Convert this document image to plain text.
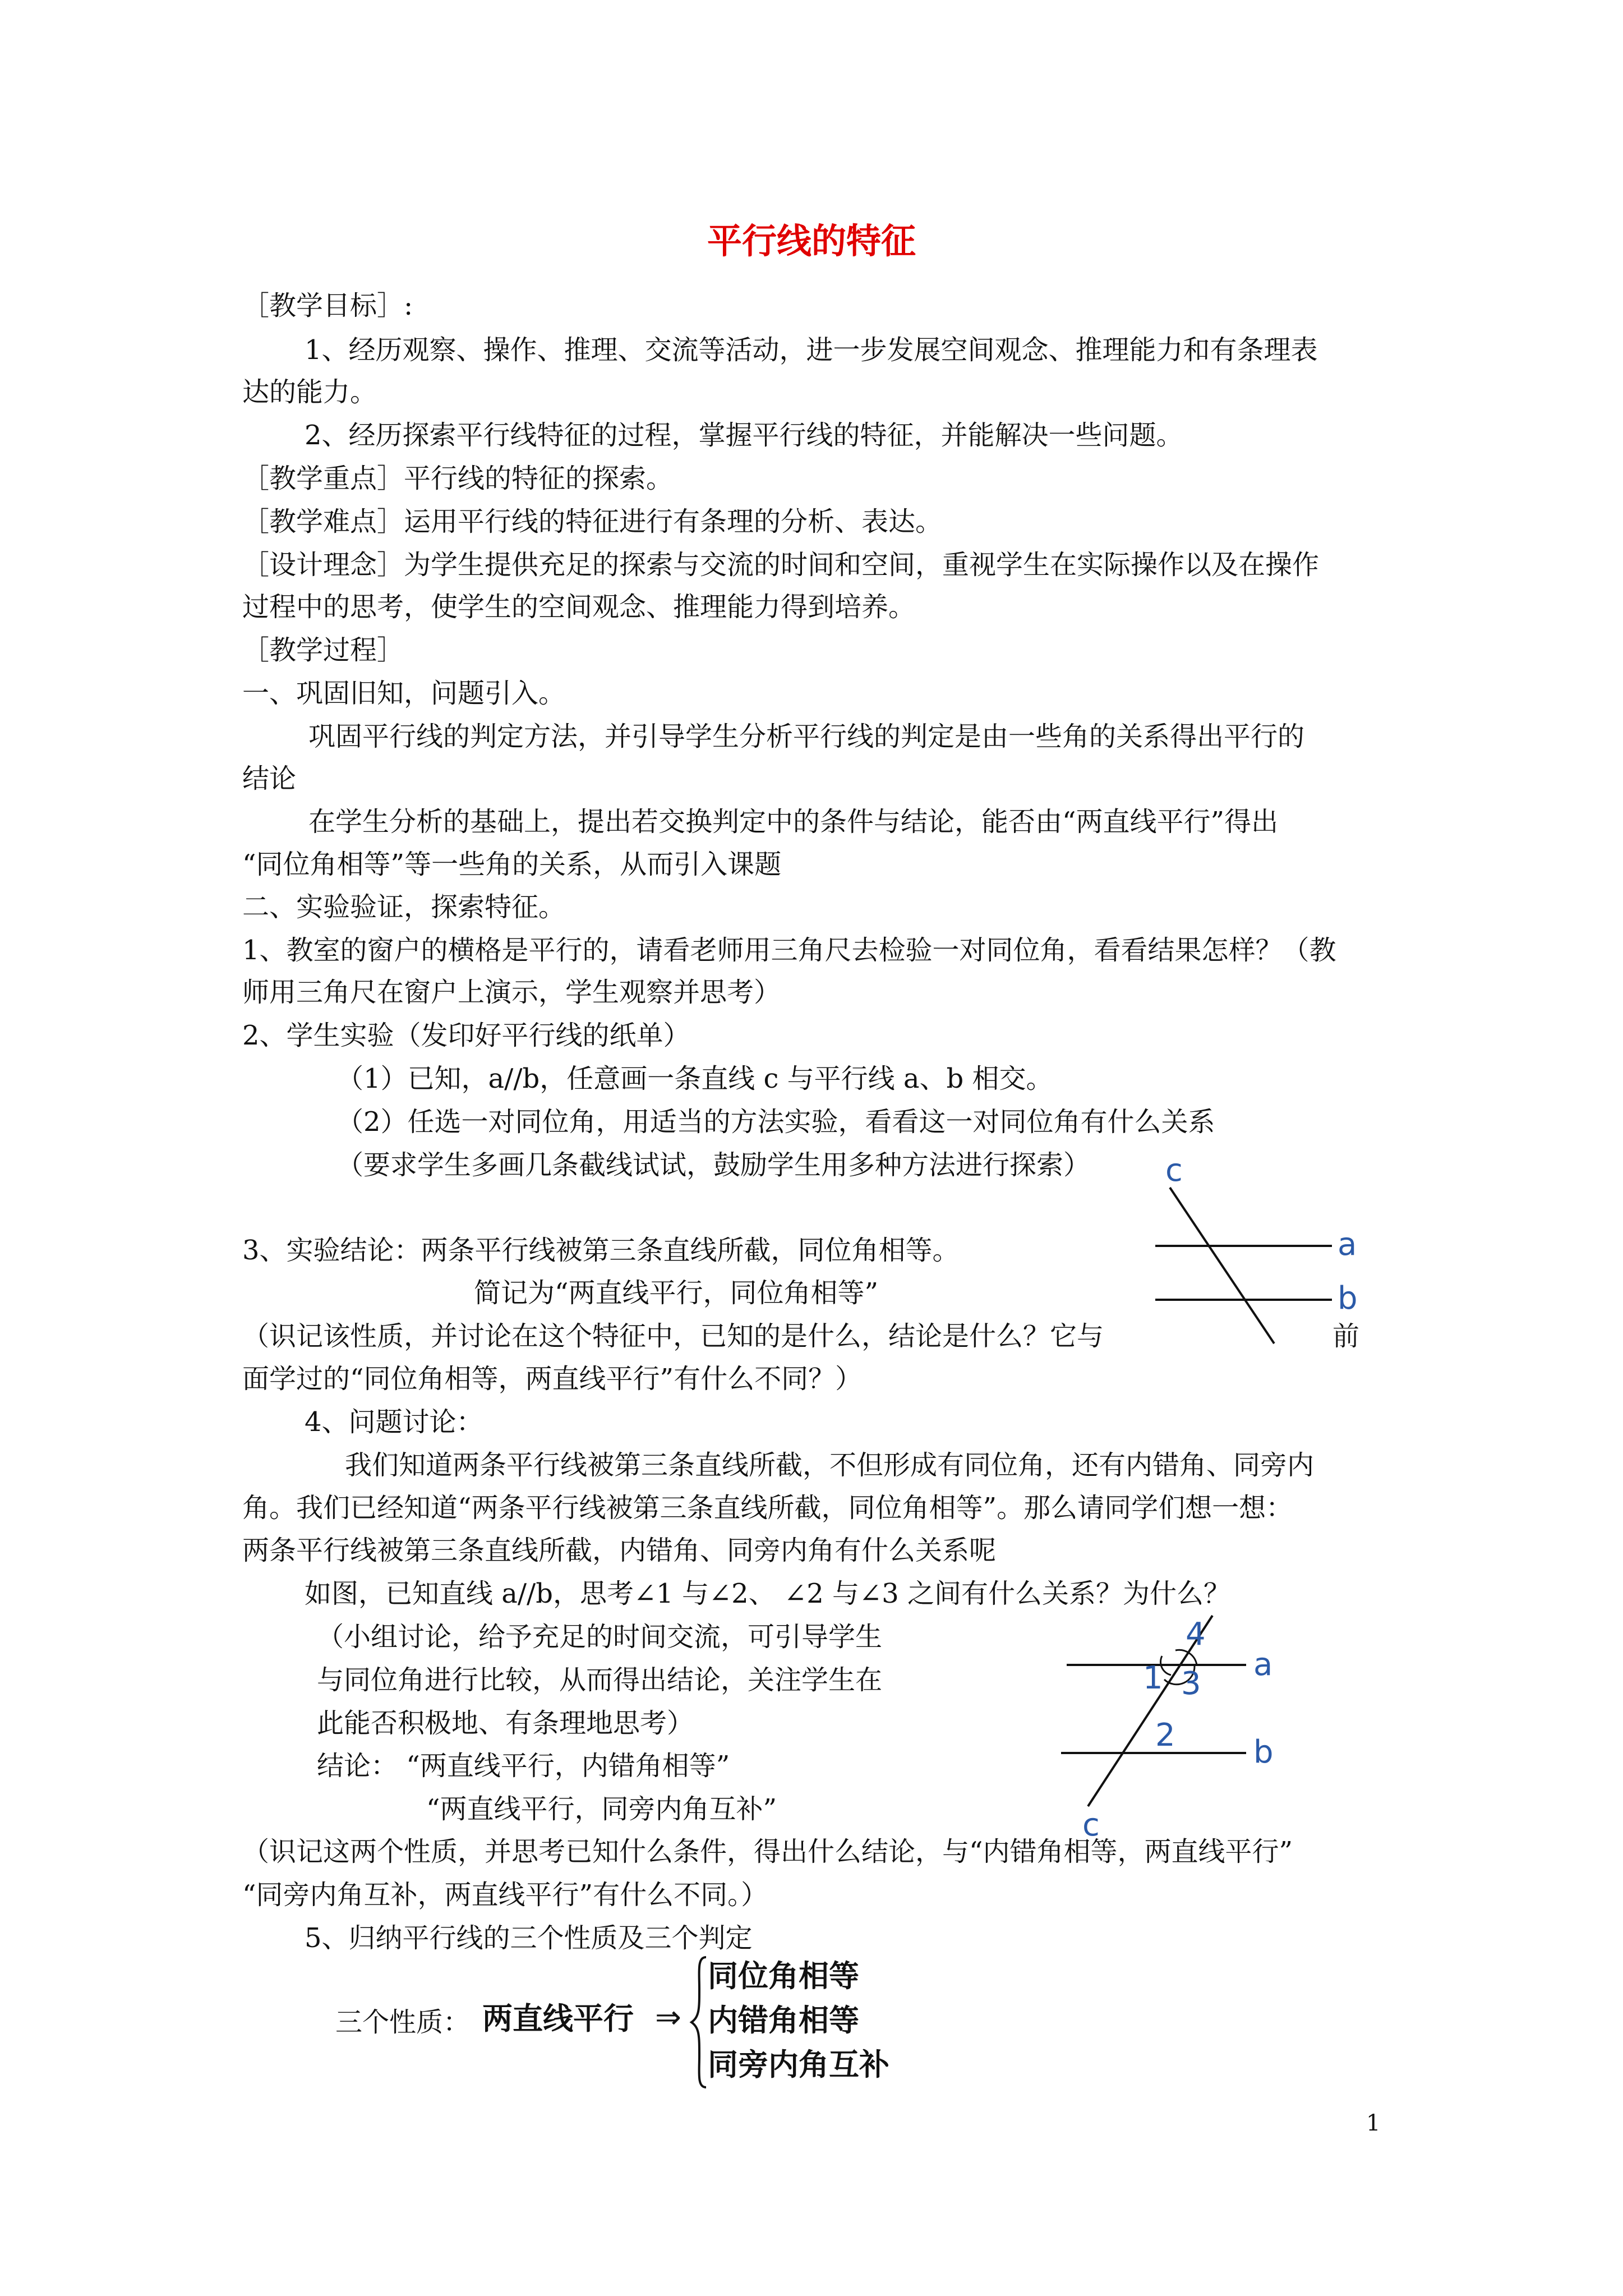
平行线的特征
［教学目标］:
1、经历观察、操作、推理、交流等活动，进一步发展空间观念、推理能力和有条理表
达的能力。
2、经历探索平行线特征的过程，掌握平行线的特征，并能解决一些问题。
［教学重点］平行线的特征的探索。
［教学难点］运用平行线的特征进行有条理的分析、表达。
［设计理念］为学生提供充足的探索与交流的时间和空间，重视学生在实际操作以及在操作
过程中的思考，使学生的空间观念、推理能力得到培养。
［教学过程］
一、巩固旧知，问题引入。
巩固平行线的判定方法，并引导学生分析平行线的判定是由一些角的关系得出平行的
结论
在学生分析的基础上，提出若交换判定中的条件与结论，能否由“两直线平行”得出
“同位角相等”等一些角的关系，从而引入课题
二、实验验证，探索特征。
1、教室的窗户的横格是平行的，请看老师用三角尺去检验一对同位角，看看结果怎样？（教
师用三角尺在窗户上演示，学生观察并思考）
2、学生实验（发印好平行线的纸单）
（1）已知，a//b，任意画一条直线 c 与平行线 a、b 相交。
（2）任选一对同位角，用适当的方法实验，看看这一对同位角有什么关系
（要求学生多画几条截线试试，鼓励学生用多种方法进行探索）
3、实验结论：两条平行线被第三条直线所截，同位角相等。
简记为“两直线平行，同位角相等”
（识记该性质，并讨论在这个特征中，已知的是什么，结论是什么？它与	前
面学过的“同位角相等，两直线平行”有什么不同？）
4、问题讨论：
我们知道两条平行线被第三条直线所截，不但形成有同位角，还有内错角、同旁内
角。我们已经知道“两条平行线被第三条直线所截，同位角相等”。那么请同学们想一想：
两条平行线被第三条直线所截，内错角、同旁内角有什么关系呢
如图，已知直线 a//b，思考∠1 与∠2、 ∠2 与∠3 之间有什么关系？为什么？
（小组讨论，给予充足的时间交流，可引导学生
与同位角进行比较，从而得出结论，关注学生在
此能否积极地、有条理地思考）
结论： “两直线平行，内错角相等”
“两直线平行，同旁内角互补”
（识记这两个性质，并思考已知什么条件，得出什么结论，与“内错角相等，两直线平行”
“同旁内角互补，两直线平行”有什么不同。）
5、归纳平行线的三个性质及三个判定
三个性质： 两直线平行 ⇒
同位角相等
内错角相等
同旁内角互补
c
a
b
4
a
1 3
2 b
c
1
